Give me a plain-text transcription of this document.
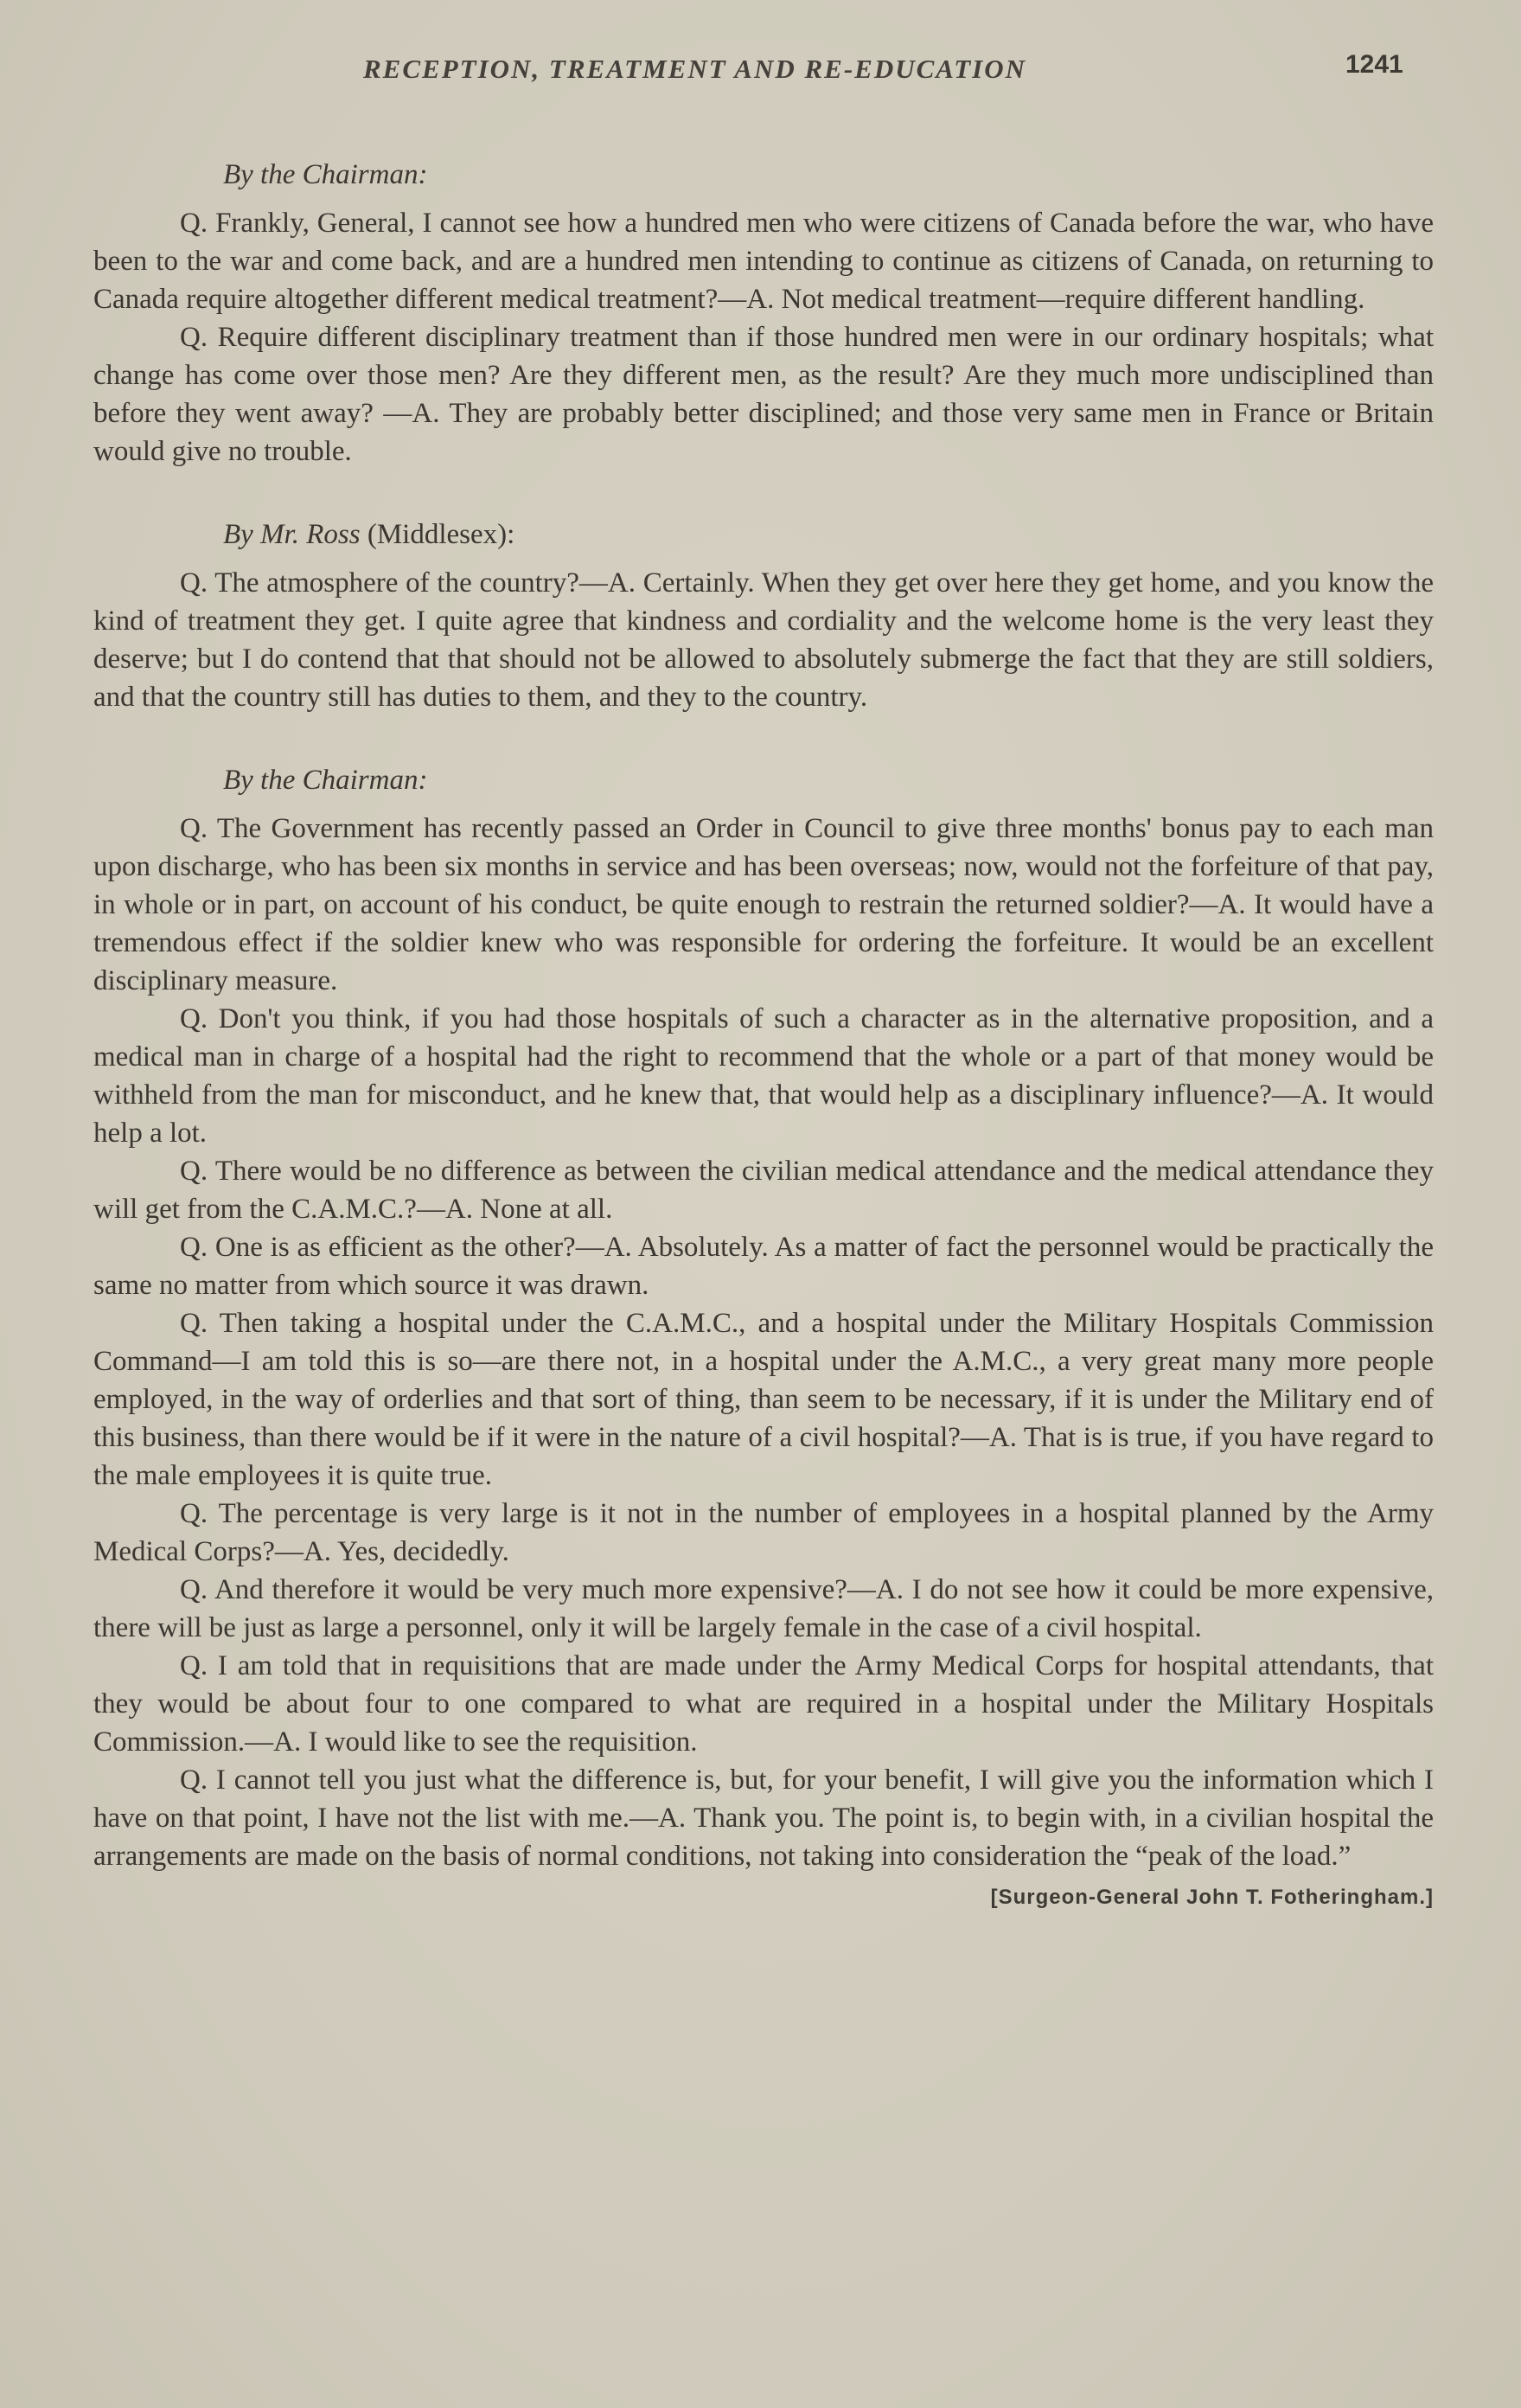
RECEPTION, TREATMENT AND RE-EDUCATION	1241
By the Chairman:

Q. Frankly, General, I cannot see how a hundred men who were citizens of Canada before the war, who have been to the war and come back, and are a hundred men intending to continue as citizens of Canada, on returning to Canada require altogether different medical treatment?—A. Not medical treatment—require different handling.

Q. Require different disciplinary treatment than if those hundred men were in our ordinary hospitals; what change has come over those men? Are they different men, as the result? Are they much more undisciplined than before they went away? —A. They are probably better disciplined; and those very same men in France or Britain would give no trouble.

By Mr. Ross (Middlesex):

Q. The atmosphere of the country?—A. Certainly. When they get over here they get home, and you know the kind of treatment they get. I quite agree that kindness and cordiality and the welcome home is the very least they deserve; but I do contend that that should not be allowed to absolutely submerge the fact that they are still soldiers, and that the country still has duties to them, and they to the country.

By the Chairman:

Q. The Government has recently passed an Order in Council to give three months' bonus pay to each man upon discharge, who has been six months in service and has been overseas; now, would not the forfeiture of that pay, in whole or in part, on account of his conduct, be quite enough to restrain the returned soldier?—A. It would have a tremendous effect if the soldier knew who was responsible for ordering the forfeiture. It would be an excellent disciplinary measure.

Q. Don't you think, if you had those hospitals of such a character as in the alternative proposition, and a medical man in charge of a hospital had the right to recommend that the whole or a part of that money would be withheld from the man for misconduct, and he knew that, that would help as a disciplinary influence?—A. It would help a lot.

Q. There would be no difference as between the civilian medical attendance and the medical attendance they will get from the C.A.M.C.?—A. None at all.

Q. One is as efficient as the other?—A. Absolutely. As a matter of fact the personnel would be practically the same no matter from which source it was drawn.

Q. Then taking a hospital under the C.A.M.C., and a hospital under the Military Hospitals Commission Command—I am told this is so—are there not, in a hospital under the A.M.C., a very great many more people employed, in the way of orderlies and that sort of thing, than seem to be necessary, if it is under the Military end of this business, than there would be if it were in the nature of a civil hospital?—A. That is is true, if you have regard to the male employees it is quite true.

Q. The percentage is very large is it not in the number of employees in a hospital planned by the Army Medical Corps?—A. Yes, decidedly.

Q. And therefore it would be very much more expensive?—A. I do not see how it could be more expensive, there will be just as large a personnel, only it will be largely female in the case of a civil hospital.

Q. I am told that in requisitions that are made under the Army Medical Corps for hospital attendants, that they would be about four to one compared to what are required in a hospital under the Military Hospitals Commission.—A. I would like to see the requisition.

Q. I cannot tell you just what the difference is, but, for your benefit, I will give you the information which I have on that point, I have not the list with me.—A. Thank you. The point is, to begin with, in a civilian hospital the arrangements are made on the basis of normal conditions, not taking into consideration the “peak of the load.”

[Surgeon-General John T. Fotheringham.]
